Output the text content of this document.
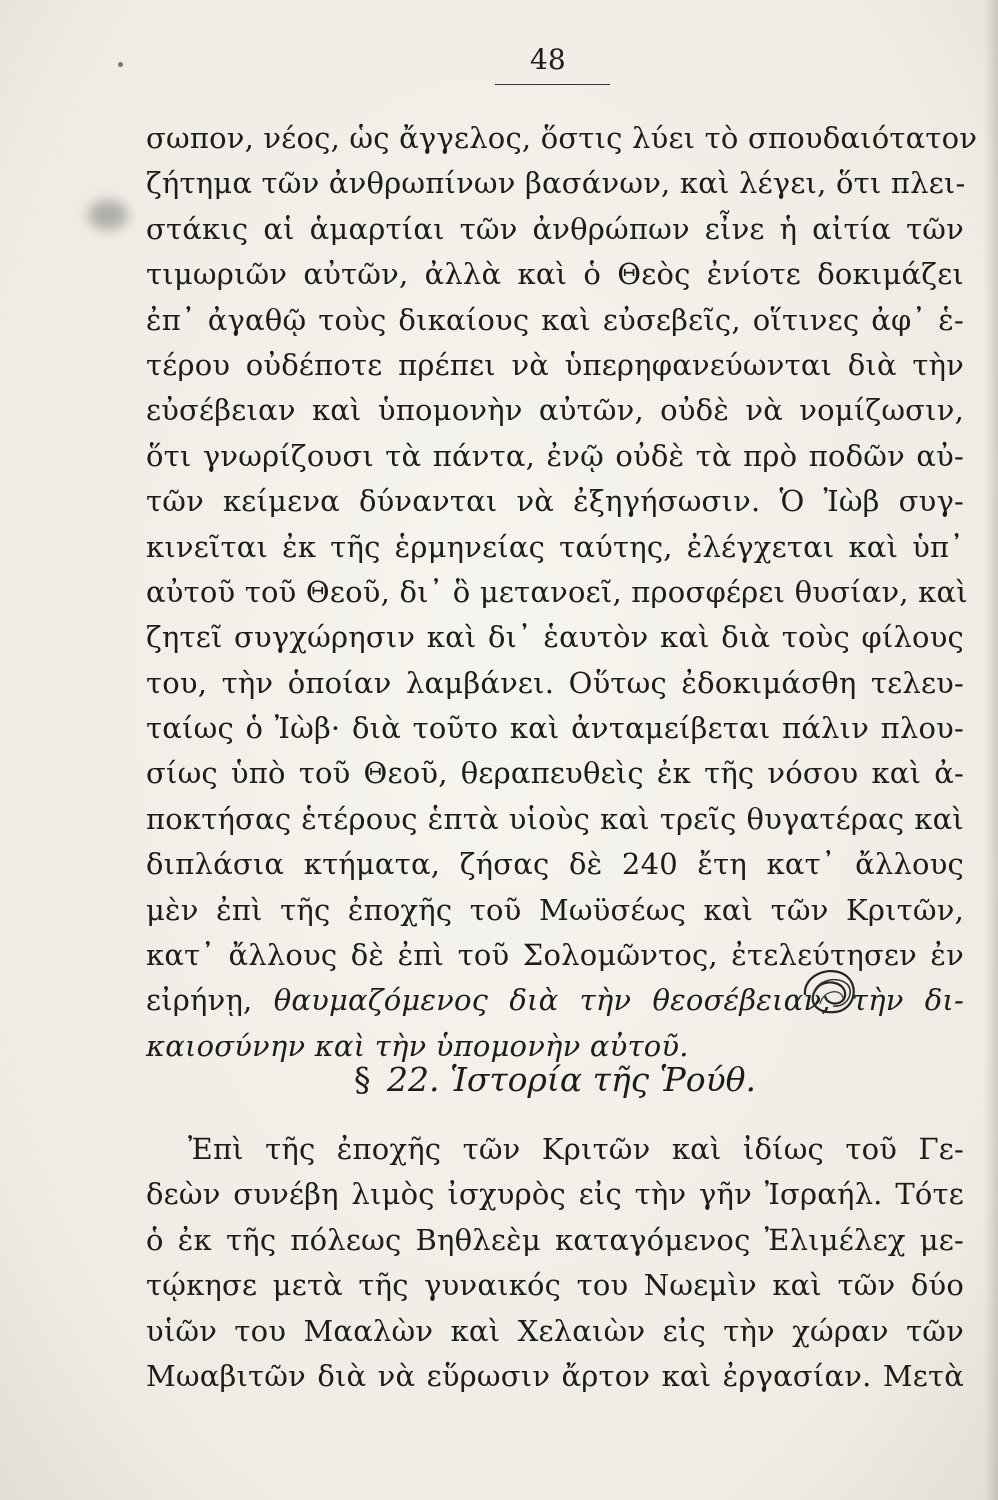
48
σωπον, νέος, ὡς ἄγγελος, ὅστις λύει τὸ σπουδαιότατον
ζήτημα τῶν ἀνθρωπίνων βασάνων, καὶ λέγει, ὅτι πλει-
στάκις αἱ ἁμαρτίαι τῶν ἀνθρώπων εἶνε ἡ αἰτία τῶν
τιμωριῶν αὐτῶν, ἀλλὰ καὶ ὁ Θεὸς ἐνίοτε δοκιμάζει
ἐπ᾽ ἀγαθῷ τοὺς δικαίους καὶ εὐσεβεῖς, οἵτινες ἀφ᾽ ἑ-
τέρου οὐδέποτε πρέπει νὰ ὑπερηφανεύωνται διὰ τὴν
εὐσέβειαν καὶ ὑπομονὴν αὐτῶν, οὐδὲ νὰ νομίζωσιν,
ὅτι γνωρίζουσι τὰ πάντα, ἐνῷ οὐδὲ τὰ πρὸ ποδῶν αὐ-
τῶν κείμενα δύνανται νὰ ἐξηγήσωσιν. Ὁ Ἰὼβ συγ-
κινεῖται ἐκ τῆς ἑρμηνείας ταύτης, ἐλέγχεται καὶ ὑπ᾽
αὐτοῦ τοῦ Θεοῦ, δι᾽ ὃ μετανοεῖ, προσφέρει θυσίαν, καὶ
ζητεῖ συγχώρησιν καὶ δι᾽ ἑαυτὸν καὶ διὰ τοὺς φίλους
του, τὴν ὁποίαν λαμβάνει. Οὕτως ἐδοκιμάσθη τελευ-
ταίως ὁ Ἰὼβ· διὰ τοῦτο καὶ ἀνταμείβεται πάλιν πλου-
σίως ὑπὸ τοῦ Θεοῦ, θεραπευθεὶς ἐκ τῆς νόσου καὶ ἀ-
ποκτήσας ἑτέρους ἑπτὰ υἱοὺς καὶ τρεῖς θυγατέρας καὶ
διπλάσια κτήματα, ζήσας δὲ 240 ἔτη κατ᾽ ἄλλους
μὲν ἐπὶ τῆς ἐποχῆς τοῦ Μωϋσέως καὶ τῶν Κριτῶν,
κατ᾽ ἄλλους δὲ ἐπὶ τοῦ Σολομῶντος, ἐτελεύτησεν ἐν
εἰρήνῃ, θαυμαζόμενος διὰ τὴν θεοσέβειαν, τὴν δι-
καιοσύνην καὶ τὴν ὑπομονὴν αὐτοῦ.
§ 22. Ἱστορία τῆς Ῥούθ.
Ἐπὶ τῆς ἐποχῆς τῶν Κριτῶν καὶ ἰδίως τοῦ Γε-
δεὼν συνέβη λιμὸς ἰσχυρὸς εἰς τὴν γῆν Ἰσραήλ. Τότε
ὁ ἐκ τῆς πόλεως Βηθλεὲμ καταγόμενος Ἐλιμέλεχ με-
τῴκησε μετὰ τῆς γυναικός του Νωεμὶν καὶ τῶν δύο
υἱῶν του Μααλὼν καὶ Χελαιὼν εἰς τὴν χώραν τῶν
Μωαβιτῶν διὰ νὰ εὕρωσιν ἄρτον καὶ ἐργασίαν. Μετὰ
